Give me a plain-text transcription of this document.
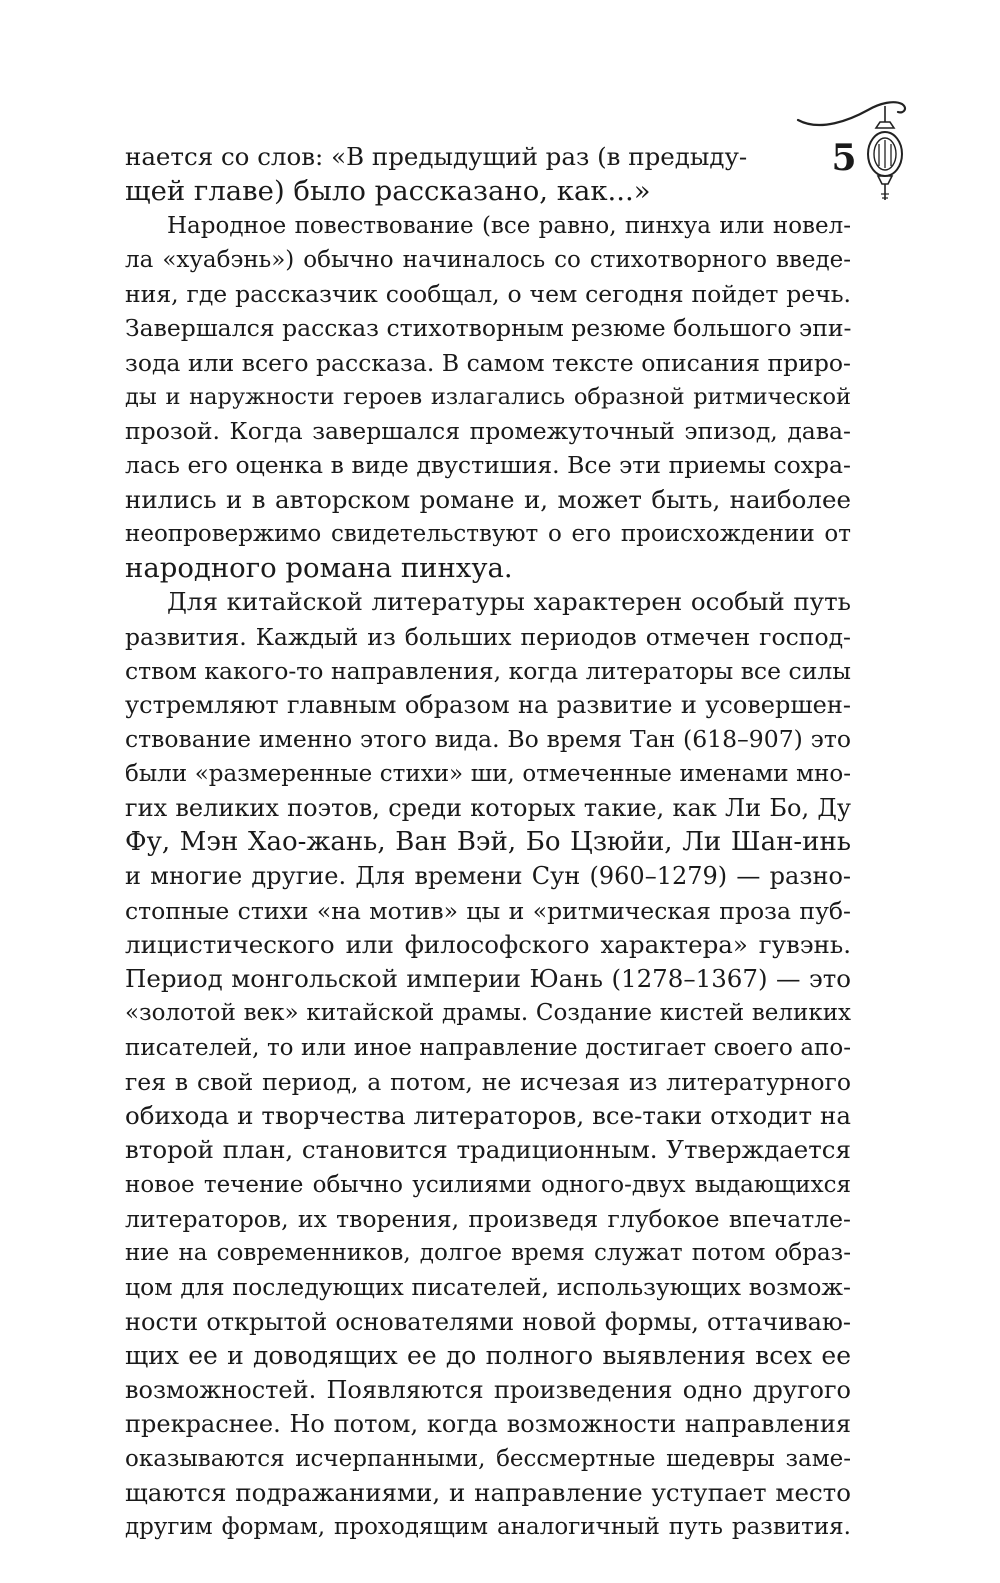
5
нается со слов: «В предыдущий раз (в предыду-
щей главе) было рассказано, как...»
Народное повествование (все равно, пинхуа или новел-
ла «хуабэнь») обычно начиналось со стихотворного введе-
ния, где рассказчик сообщал, о чем сегодня пойдет речь.
Завершался рассказ стихотворным резюме большого эпи-
зода или всего рассказа. В самом тексте описания приро-
ды и наружности героев излагались образной ритмической
прозой. Когда завершался промежуточный эпизод, дава-
лась его оценка в виде двустишия. Все эти приемы сохра-
нились и в авторском романе и, может быть, наиболее
неопровержимо свидетельствуют о его происхождении от
народного романа пинхуа.
Для китайской литературы характерен особый путь
развития. Каждый из больших периодов отмечен господ-
ством какого-то направления, когда литераторы все силы
устремляют главным образом на развитие и усовершен-
ствование именно этого вида. Во время Тан (618–907) это
были «размеренные стихи» ши, отмеченные именами мно-
гих великих поэтов, среди которых такие, как Ли Бо, Ду
Фу, Мэн Хао-жань, Ван Вэй, Бо Цзюйи, Ли Шан-инь
и многие другие. Для времени Сун (960–1279) — разно-
стопные стихи «на мотив» цы и «ритмическая проза пуб-
лицистического или философского характера» гувэнь.
Период монгольской империи Юань (1278–1367) — это
«золотой век» китайской драмы. Создание кистей великих
писателей, то или иное направление достигает своего апо-
гея в свой период, а потом, не исчезая из литературного
обихода и творчества литераторов, все-таки отходит на
второй план, становится традиционным. Утверждается
новое течение обычно усилиями одного-двух выдающихся
литераторов, их творения, произведя глубокое впечатле-
ние на современников, долгое время служат потом образ-
цом для последующих писателей, использующих возмож-
ности открытой основателями новой формы, оттачиваю-
щих ее и доводящих ее до полного выявления всех ее
возможностей. Появляются произведения одно другого
прекраснее. Но потом, когда возможности направления
оказываются исчерпанными, бессмертные шедевры заме-
щаются подражаниями, и направление уступает место
другим формам, проходящим аналогичный путь развития.
